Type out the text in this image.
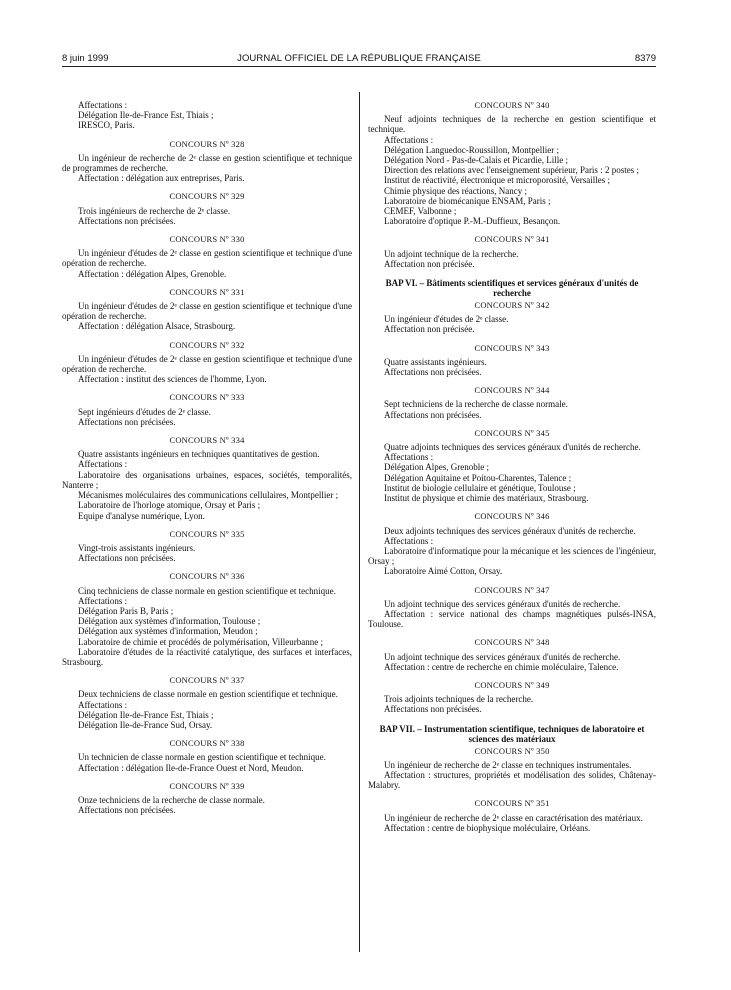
8 juin 1999	JOURNAL OFFICIEL DE LA RÉPUBLIQUE FRANÇAISE	8379

Affectations :

Délégation Ile-de-France Est, Thiais ;

IRESCO, Paris.

CONCOURS Nº 328

Un ingénieur de recherche de 2ᵉ classe en gestion scientifique et technique de programmes de recherche.

Affectation : délégation aux entreprises, Paris.

CONCOURS Nº 329

Trois ingénieurs de recherche de 2ᵉ classe.

Affectations non précisées.

CONCOURS Nº 330

Un ingénieur d'études de 2ᵉ classe en gestion scientifique et technique d'une opération de recherche.

Affectation : délégation Alpes, Grenoble.

CONCOURS Nº 331

Un ingénieur d'études de 2ᵉ classe en gestion scientifique et technique d'une opération de recherche.

Affectation : délégation Alsace, Strasbourg.

CONCOURS Nº 332

Un ingénieur d'études de 2ᵉ classe en gestion scientifique et technique d'une opération de recherche.

Affectation : institut des sciences de l'homme, Lyon.

CONCOURS Nº 333

Sept ingénieurs d'études de 2ᵉ classe.

Affectations non précisées.

CONCOURS Nº 334

Quatre assistants ingénieurs en techniques quantitatives de gestion.

Affectations :

Laboratoire des organisations urbaines, espaces, sociétés, temporalités, Nanterre ;

Mécanismes moléculaires des communications cellulaires, Montpellier ;

Laboratoire de l'horloge atomique, Orsay et Paris ;

Equipe d'analyse numérique, Lyon.

CONCOURS Nº 335

Vingt-trois assistants ingénieurs.

Affectations non précisées.

CONCOURS Nº 336

Cinq techniciens de classe normale en gestion scientifique et technique.

Affectations :

Délégation Paris B, Paris ;

Délégation aux systèmes d'information, Toulouse ;

Délégation aux systèmes d'information, Meudon ;

Laboratoire de chimie et procédés de polymérisation, Villeurbanne ;

Laboratoire d'études de la réactivité catalytique, des surfaces et interfaces, Strasbourg.

CONCOURS Nº 337

Deux techniciens de classe normale en gestion scientifique et technique.

Affectations :

Délégation Ile-de-France Est, Thiais ;

Délégation Ile-de-France Sud, Orsay.

CONCOURS Nº 338

Un technicien de classe normale en gestion scientifique et technique.

Affectation : délégation Ile-de-France Ouest et Nord, Meudon.

CONCOURS Nº 339

Onze techniciens de la recherche de classe normale.

Affectations non précisées.

CONCOURS Nº 340

Neuf adjoints techniques de la recherche en gestion scientifique et technique.

Affectations :

Délégation Languedoc-Roussillon, Montpellier ;

Délégation Nord - Pas-de-Calais et Picardie, Lille ;

Direction des relations avec l'enseignement supérieur, Paris : 2 postes ;

Institut de réactivité, électronique et microporosité, Versailles ;

Chimie physique des réactions, Nancy ;

Laboratoire de biomécanique ENSAM, Paris ;

CEMEF, Valbonne ;

Laboratoire d'optique P.-M.-Duffieux, Besançon.

CONCOURS Nº 341

Un adjoint technique de la recherche.

Affectation non précisée.

BAP VI. – Bâtiments scientifiques et services généraux d'unités de recherche
CONCOURS Nº 342

Un ingénieur d'études de 2ᵉ classe.

Affectation non précisée.

CONCOURS Nº 343

Quatre assistants ingénieurs.

Affectations non précisées.

CONCOURS Nº 344

Sept techniciens de la recherche de classe normale.

Affectations non précisées.

CONCOURS Nº 345

Quatre adjoints techniques des services généraux d'unités de recherche.

Affectations :

Délégation Alpes, Grenoble ;

Délégation Aquitaine et Poitou-Charentes, Talence ;

Institut de biologie cellulaire et génétique, Toulouse ;

Institut de physique et chimie des matériaux, Strasbourg.

CONCOURS Nº 346

Deux adjoints techniques des services généraux d'unités de recherche.

Affectations :

Laboratoire d'informatique pour la mécanique et les sciences de l'ingénieur, Orsay ;

Laboratoire Aimé Cotton, Orsay.

CONCOURS Nº 347

Un adjoint technique des services généraux d'unités de recherche.

Affectation : service national des champs magnétiques pulsés-INSA, Toulouse.

CONCOURS Nº 348

Un adjoint technique des services généraux d'unités de recherche.

Affectation : centre de recherche en chimie moléculaire, Talence.

CONCOURS Nº 349

Trois adjoints techniques de la recherche.

Affectations non précisées.

BAP VII. – Instrumentation scientifique, techniques de laboratoire et sciences des matériaux
CONCOURS Nº 350

Un ingénieur de recherche de 2ᵉ classe en techniques instrumentales.

Affectation : structures, propriétés et modélisation des solides, Châtenay-Malabry.

CONCOURS Nº 351

Un ingénieur de recherche de 2ᵉ classe en caractérisation des matériaux.

Affectation : centre de biophysique moléculaire, Orléans.
